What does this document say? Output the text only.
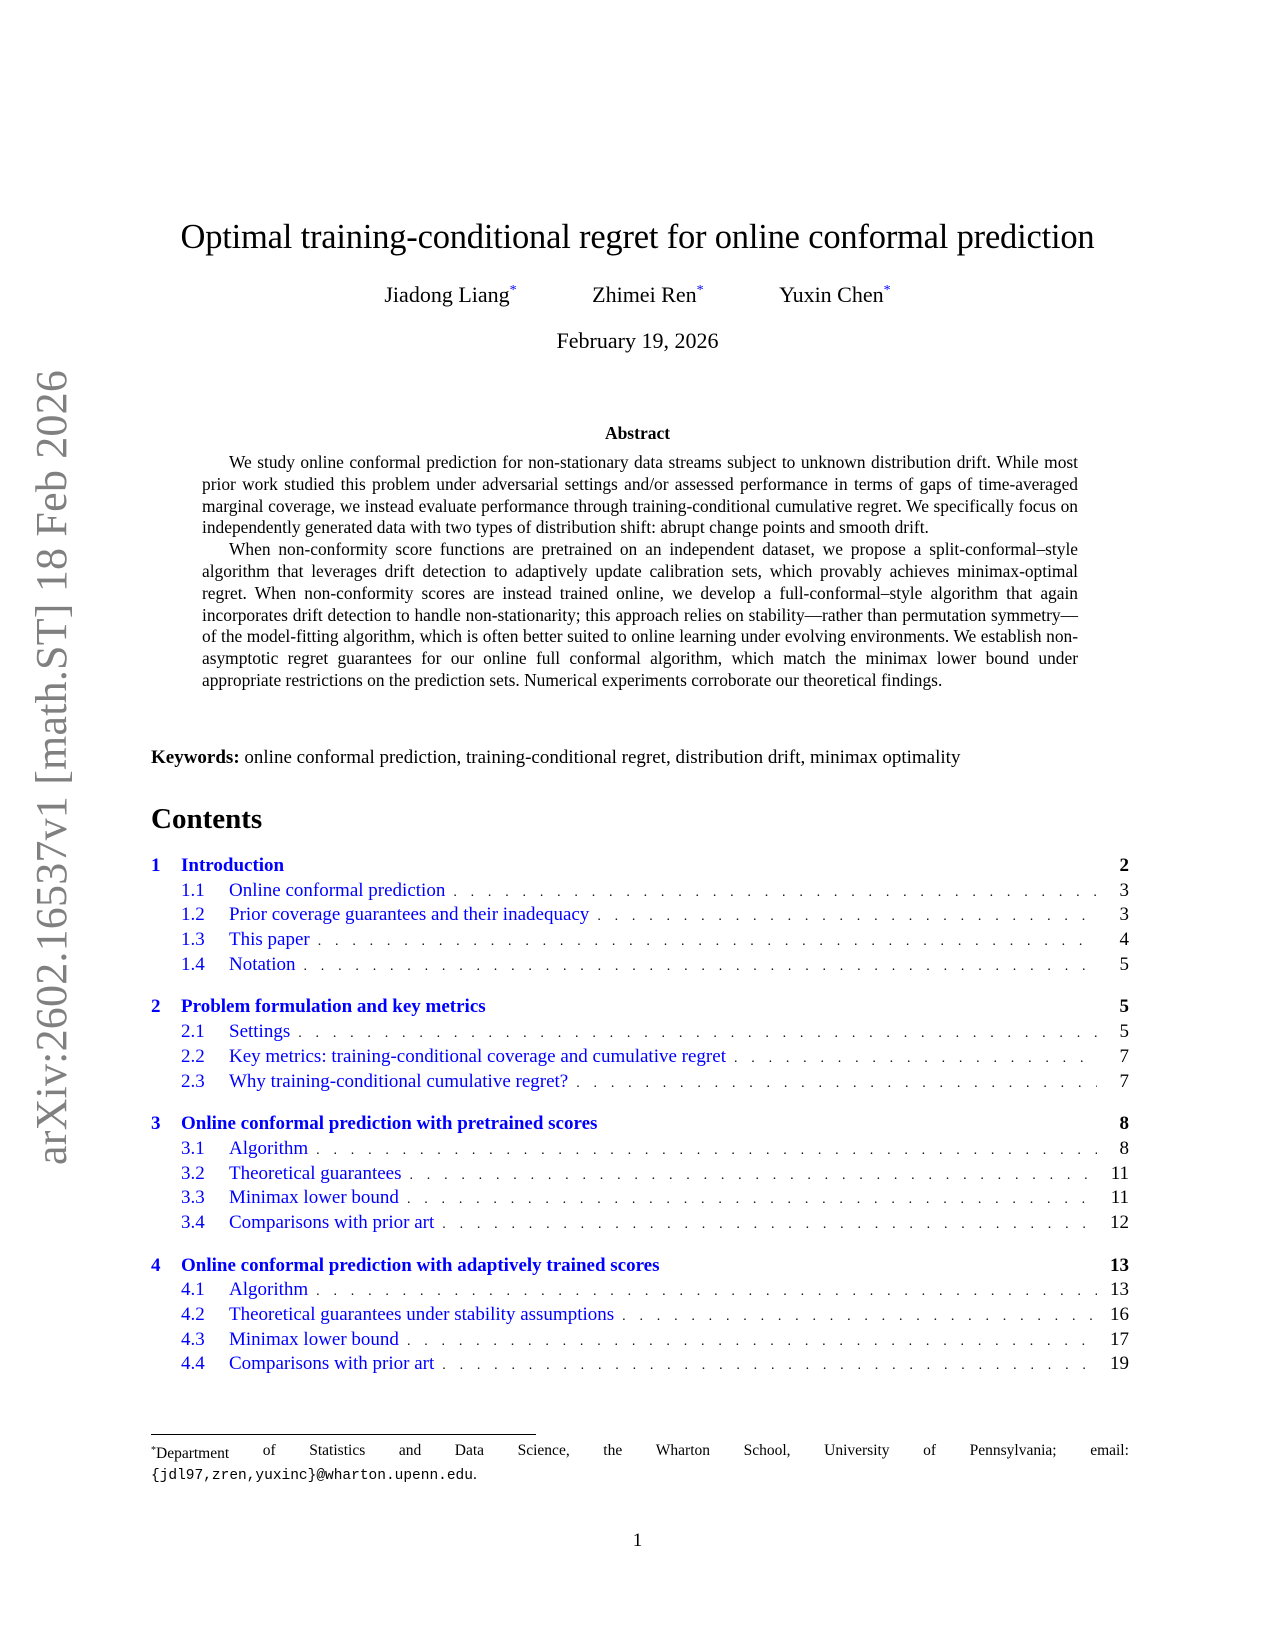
arXiv:2602.16537v1 [math.ST] 18 Feb 2026
Optimal training-conditional regret for online conformal prediction
Jiadong Liang*	Zhimei Ren*	Yuxin Chen*
February 19, 2026
Abstract

We study online conformal prediction for non-stationary data streams subject to unknown distribution drift. While most prior work studied this problem under adversarial settings and/or assessed performance in terms of gaps of time-averaged marginal coverage, we instead evaluate performance through training-conditional cumulative regret. We specifically focus on independently generated data with two types of distribution shift: abrupt change points and smooth drift.

When non-conformity score functions are pretrained on an independent dataset, we propose a split-conformal–style algorithm that leverages drift detection to adaptively update calibration sets, which provably achieves minimax-optimal regret. When non-conformity scores are instead trained online, we develop a full-conformal–style algorithm that again incorporates drift detection to handle non-stationarity; this approach relies on stability—rather than permutation symmetry—of the model-fitting algorithm, which is often better suited to online learning under evolving environments. We establish non-asymptotic regret guarantees for our online full conformal algorithm, which match the minimax lower bound under appropriate restrictions on the prediction sets. Numerical experiments corroborate our theoretical findings.

Keywords: online conformal prediction, training-conditional regret, distribution drift, minimax optimality
Contents
1	Introduction	2
1.1	Online conformal prediction . . .	3
1.2	Prior coverage guarantees and their inadequacy . . .	3
1.3	This paper . . .	4
1.4	Notation . . .	5
2	Problem formulation and key metrics	5
2.1	Settings . . .	5
2.2	Key metrics: training-conditional coverage and cumulative regret . . .	7
2.3	Why training-conditional cumulative regret? . . .	7
3	Online conformal prediction with pretrained scores	8
3.1	Algorithm . . .	8
3.2	Theoretical guarantees . . .	11
3.3	Minimax lower bound . . .	11
3.4	Comparisons with prior art . . .	12
4	Online conformal prediction with adaptively trained scores	13
4.1	Algorithm . . .	13
4.2	Theoretical guarantees under stability assumptions . . .	16
4.3	Minimax lower bound . . .	17
4.4	Comparisons with prior art . . .	19
*Department of Statistics and Data Science, the Wharton School, University of Pennsylvania; email:
{jdl97,zren,yuxinc}@wharton.upenn.edu.
1
